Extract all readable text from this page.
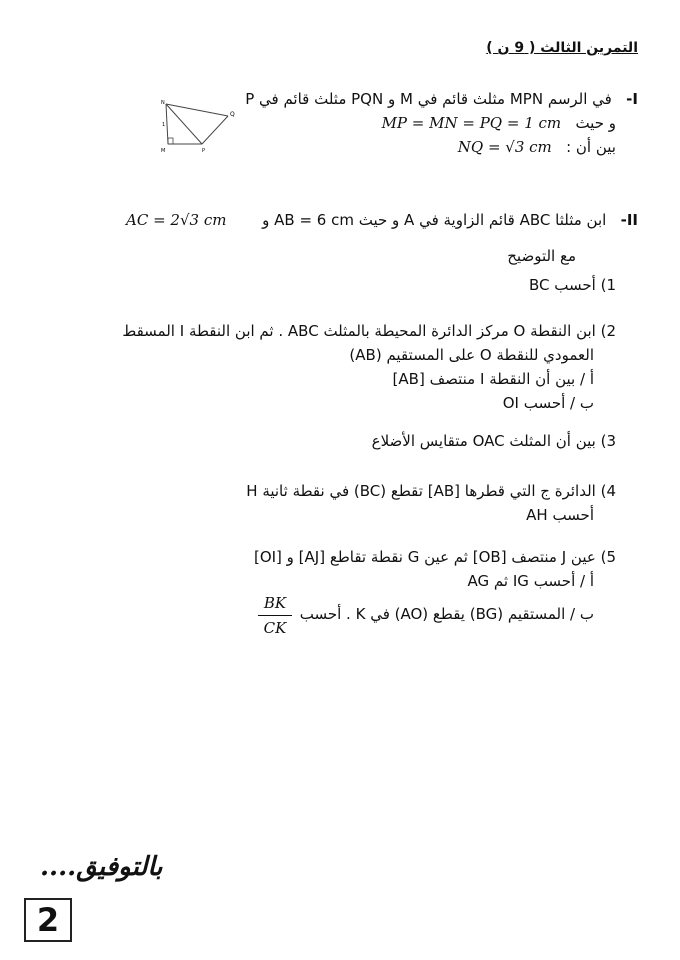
التمرين الثالث ( 9 ن )
I-   في الرسم MPN مثلث قائم في M و PQN مثلث قائم في P
و حيث   MP = MN = PQ = 1 cm
بين أن :   NQ = √3 cm
N
Q
M	P
1
II-   ابن مثلثا ABC قائم الزاوية في A و حيث AB = 6 cm و
AC = 2√3 cm
مع التوضيح
1) أحسب BC
2) ابن النقطة O مركز الدائرة المحيطة بالمثلث ABC . ثم ابن النقطة I المسقط
العمودي للنقطة O على المستقيم (AB)
أ / بين أن النقطة I منتصف [AB]
ب / أحسب OI
3) بين أن المثلث OAC متقايس الأضلاع
4) الدائرة ج التي قطرها [AB] تقطع (BC) في نقطة ثانية H
أحسب AH
5) عين J منتصف [OB] ثم عين G نقطة تقاطع [AJ] و [OI]
أ / أحسب IG ثم AG
ب / المستقيم (BG) يقطع (AO) في K . أحسب
BK
CK
بالتوفيق....
2
